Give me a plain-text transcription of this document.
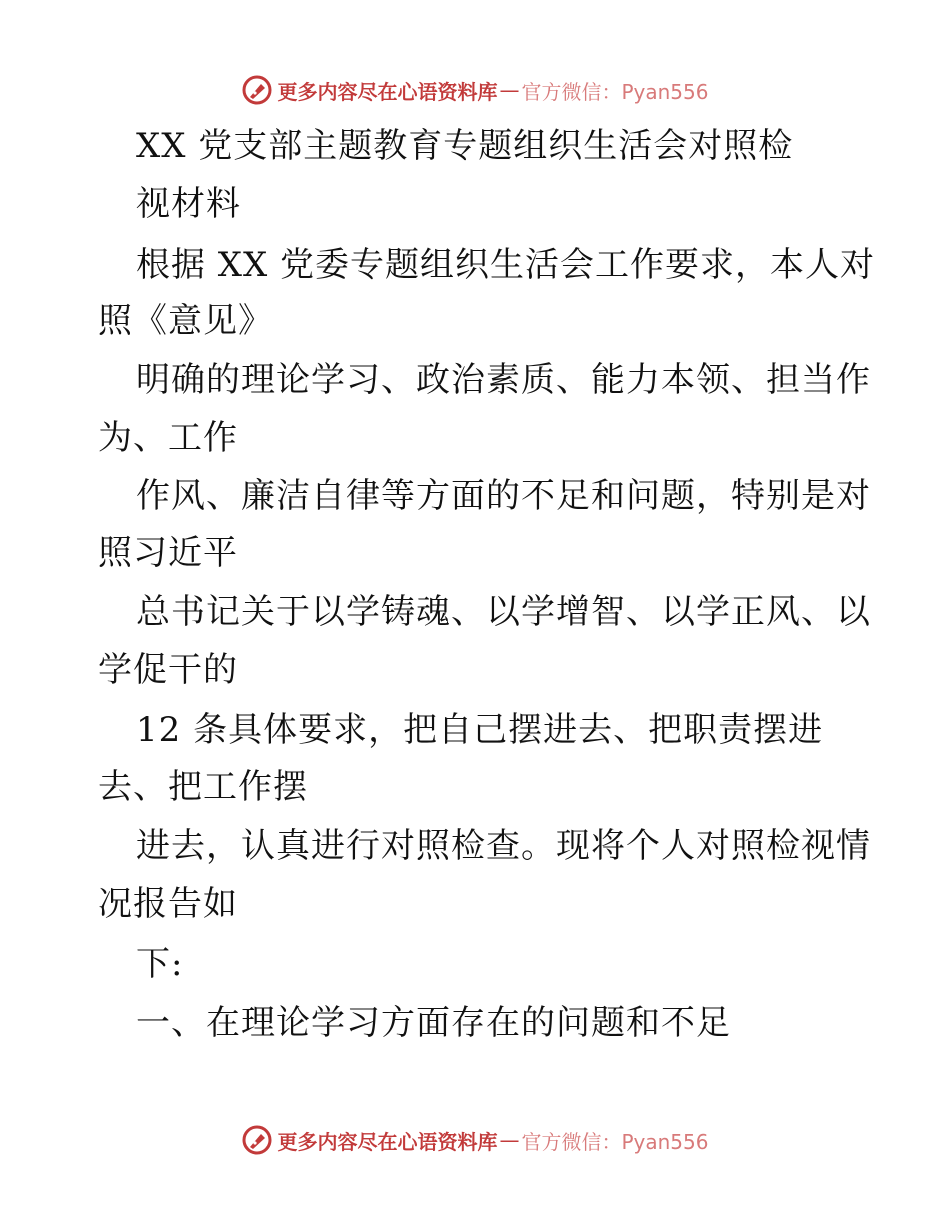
更多内容尽在心语资料库 — 官方微信：Pyan556
XX 党支部主题教育专题组织生活会对照检
视材料
根据 XX 党委专题组织生活会工作要求，本人对
照《意见》
明确的理论学习、政治素质、能力本领、担当作
为、工作
作风、廉洁自律等方面的不足和问题，特别是对
照习近平
总书记关于以学铸魂、以学增智、以学正风、以
学促干的
12 条具体要求，把自己摆进去、把职责摆进
去、把工作摆
进去，认真进行对照检查。现将个人对照检视情
况报告如
下:
一、在理论学习方面存在的问题和不足
更多内容尽在心语资料库 — 官方微信：Pyan556
